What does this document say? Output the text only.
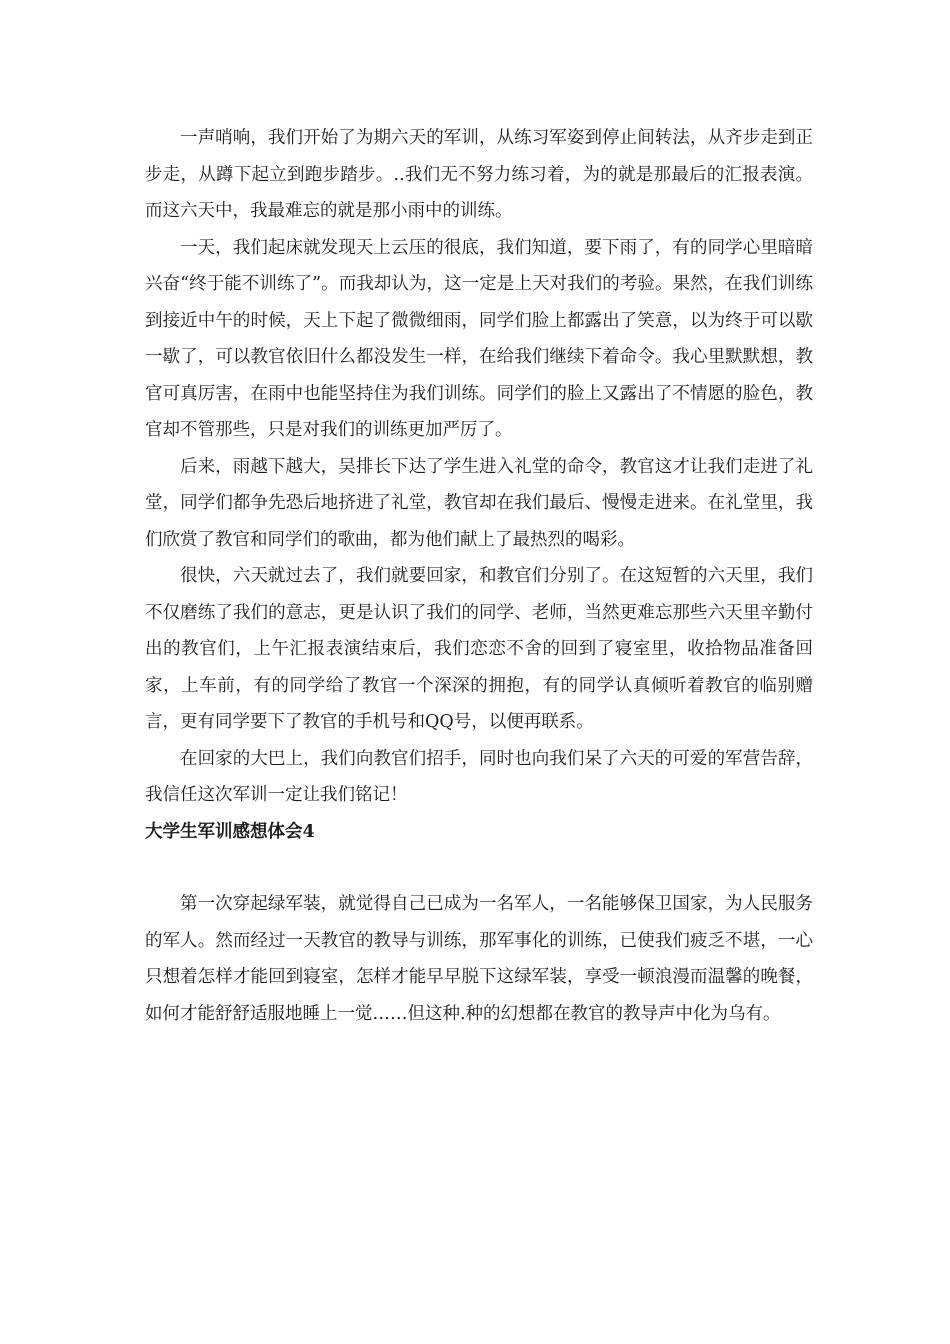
一声哨响，我们开始了为期六天的军训，从练习军姿到停止间转法，从齐步走到正步走，从蹲下起立到跑步踏步。..我们无不努力练习着，为的就是那最后的汇报表演。而这六天中，我最难忘的就是那小雨中的训练。

一天，我们起床就发现天上云压的很底，我们知道，要下雨了，有的同学心里暗暗兴奋“终于能不训练了”。而我却认为，这一定是上天对我们的考验。果然，在我们训练到接近中午的时候，天上下起了微微细雨，同学们脸上都露出了笑意，以为终于可以歇一歇了，可以教官依旧什么都没发生一样，在给我们继续下着命令。我心里默默想，教官可真厉害，在雨中也能坚持住为我们训练。同学们的脸上又露出了不情愿的脸色，教官却不管那些，只是对我们的训练更加严厉了。

后来，雨越下越大，吴排长下达了学生进入礼堂的命令，教官这才让我们走进了礼堂，同学们都争先恐后地挤进了礼堂，教官却在我们最后、慢慢走进来。在礼堂里，我们欣赏了教官和同学们的歌曲，都为他们献上了最热烈的喝彩。

很快，六天就过去了，我们就要回家，和教官们分别了。在这短暂的六天里，我们不仅磨练了我们的意志，更是认识了我们的同学、老师，当然更难忘那些六天里辛勤付出的教官们，上午汇报表演结束后，我们恋恋不舍的回到了寝室里，收拾物品准备回家，上车前，有的同学给了教官一个深深的拥抱，有的同学认真倾听着教官的临别赠言，更有同学要下了教官的手机号和QQ号，以便再联系。

在回家的大巴上，我们向教官们招手，同时也向我们呆了六天的可爱的军营告辞，我信任这次军训一定让我们铭记！

大学生军训感想体会4

第一次穿起绿军装，就觉得自己已成为一名军人，一名能够保卫国家，为人民服务的军人。然而经过一天教官的教导与训练，那军事化的训练，已使我们疲乏不堪，一心只想着怎样才能回到寝室，怎样才能早早脱下这绿军装，享受一顿浪漫而温馨的晚餐，如何才能舒舒适服地睡上一觉……但这种.种的幻想都在教官的教导声中化为乌有。
